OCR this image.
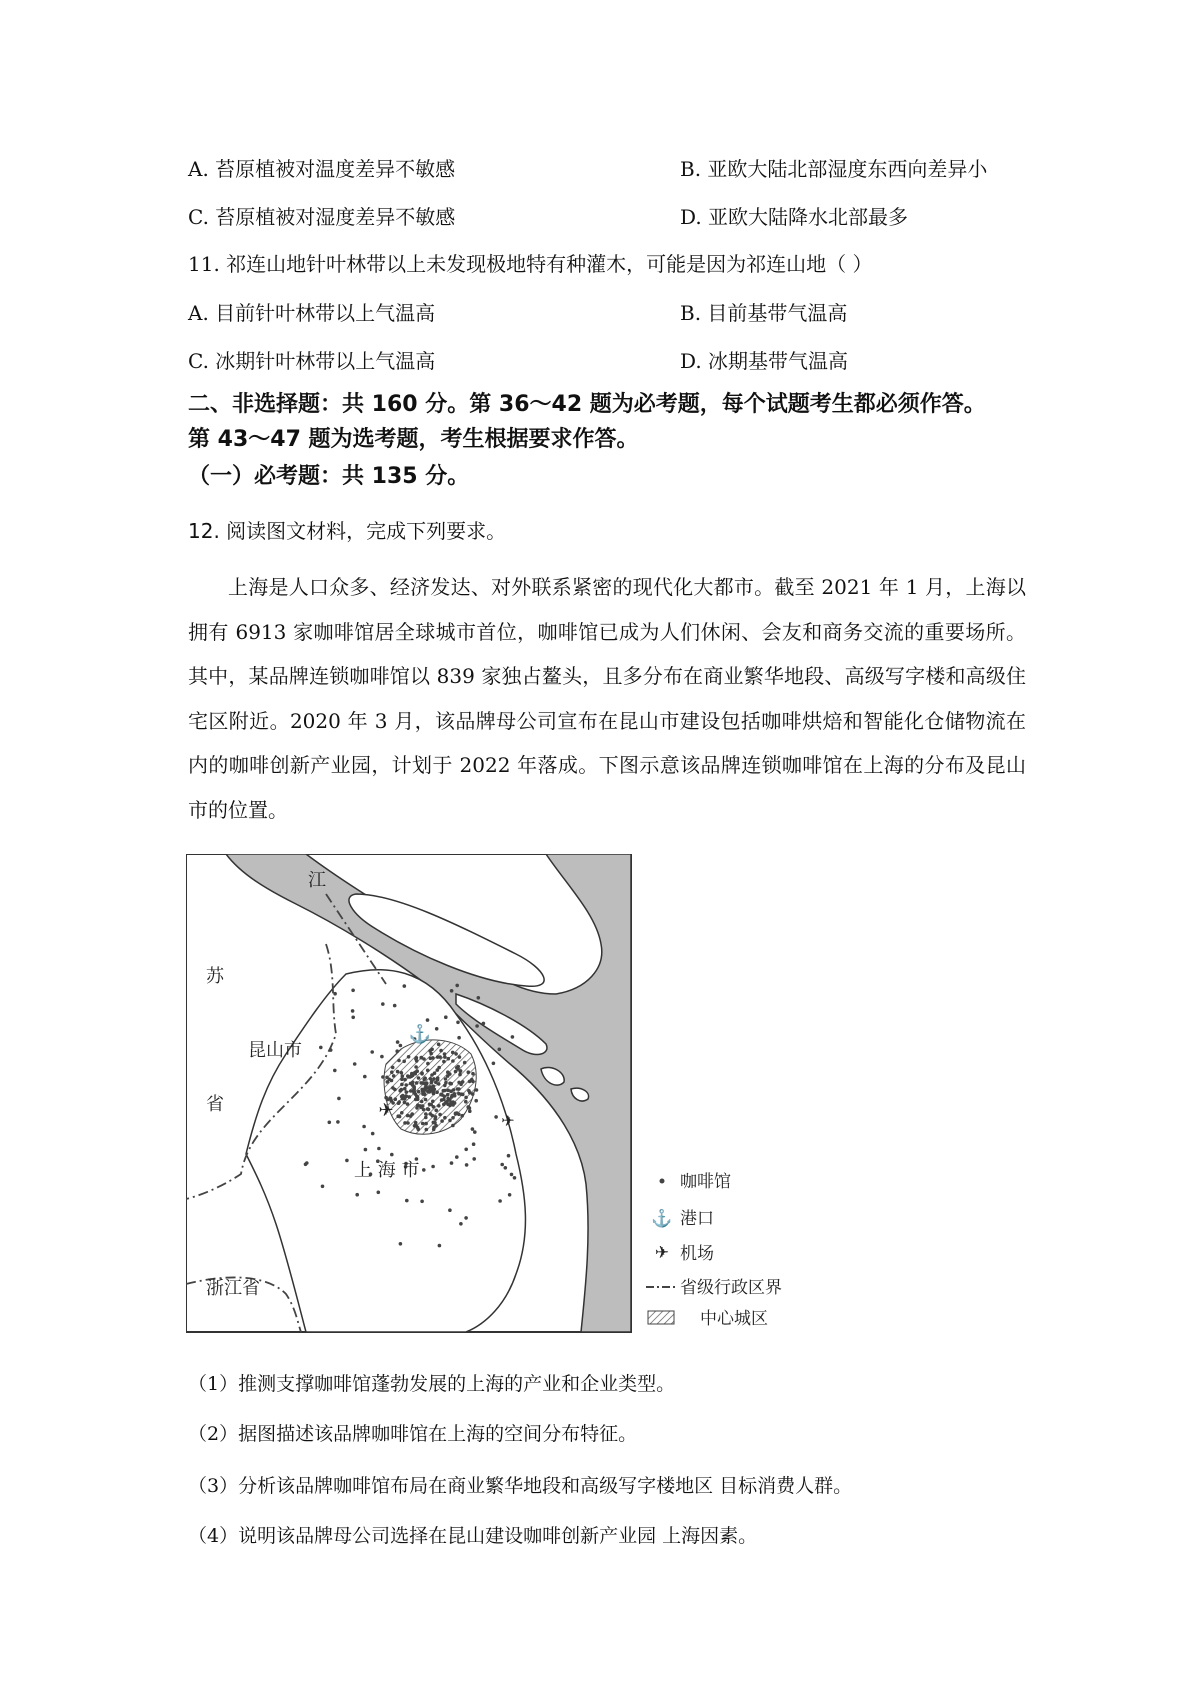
A. 苔原植被对温度差异不敏感	B. 亚欧大陆北部湿度东西向差异小
C. 苔原植被对湿度差异不敏感	D. 亚欧大陆降水北部最多
11. 祁连山地针叶林带以上未发现极地特有种灌木，可能是因为祁连山地（ ）
A. 目前针叶林带以上气温高	B. 目前基带气温高
C. 冰期针叶林带以上气温高	D. 冰期基带气温高
二、非选择题：共 160 分。第 36～42 题为必考题，每个试题考生都必须作答。
第 43～47 题为选考题，考生根据要求作答。
（一）必考题：共 135 分。
12. 阅读图文材料，完成下列要求。
上海是人口众多、经济发达、对外联系紧密的现代化大都市。截至 2021 年 1 月，上海以拥有 6913 家咖啡馆居全球城市首位，咖啡馆已成为人们休闲、会友和商务交流的重要场所。其中，某品牌连锁咖啡馆以 839 家独占鳌头，且多分布在商业繁华地段、高级写字楼和高级住宅区附近。2020 年 3 月，该品牌母公司宣布在昆山市建设包括咖啡烘焙和智能化仓储物流在内的咖啡创新产业园，计划于 2022 年落成。下图示意该品牌连锁咖啡馆在上海的分布及昆山市的位置。
⚓
✈	✈
江
苏
昆山市
省
上 海 市
浙江省
咖啡馆
⚓ 港口
✈ 机场
省级行政区界
中心城区
（1）推测支撑咖啡馆蓬勃发展的上海的产业和企业类型。
（2）据图描述该品牌咖啡馆在上海的空间分布特征。
（3）分析该品牌咖啡馆布局在商业繁华地段和高级写字楼地区 目标消费人群。
（4）说明该品牌母公司选择在昆山建设咖啡创新产业园 上海因素。
